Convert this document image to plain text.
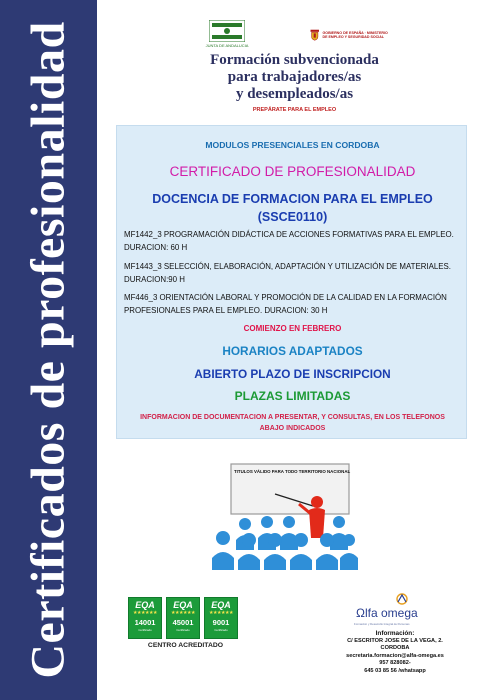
Certificados de profesionalidad	JUNTA DE ANDALUCIA
GOBIERNO DE ESPAÑA · MINISTERIO DE EMPLEO Y SEGURIDAD SOCIAL
Formación subvencionada
para trabajadores/as
y desempleados/as
PREPÁRATE PARA EL EMPLEO
MODULOS PRESENCIALES EN CORDOBA
CERTIFICADO DE PROFESIONALIDAD
DOCENCIA DE FORMACION PARA EL EMPLEO
(SSCE0110)
MF1442_3 PROGRAMACIÓN DIDÁCTICA DE ACCIONES FORMATIVAS PARA EL EMPLEO. DURACION: 60 H
MF1443_3 SELECCIÓN, ELABORACIÓN, ADAPTACIÓN Y UTILIZACIÓN DE MATERIALES. DURACION:90 H
MF446_3 ORIENTACIÓN LABORAL Y PROMOCIÓN DE LA CALIDAD EN LA FORMACIÓN PROFESIONALES PARA EL EMPLEO. DURACION: 30 H
COMIENZO EN FEBRERO
HORARIOS ADAPTADOS
ABIERTO PLAZO DE INSCRIPCION
PLAZAS LIMITADAS
INFORMACION DE DOCUMENTACION A PRESENTAR, Y CONSULTAS, EN LOS TELEFONOS ABAJO INDICADOS
TITULOS VÁLIDO PARA TODO TERRITORIO NACIONAL
EQA
★★★★★★
14001
Certificado
EQA
★★★★★★
45001
Certificado
EQA
★★★★★★
9001
Certificado
CENTRO ACREDITADO
Ωlfa omega
Formación y Desarrollo Integral de Personas
Información:
C/ ESCRITOR JOSE DE LA VEGA, 2.
CORDOBA
secretaria.formacion@alfa-omega.es
957 828082-
645 03 85 56 /whatsapp
